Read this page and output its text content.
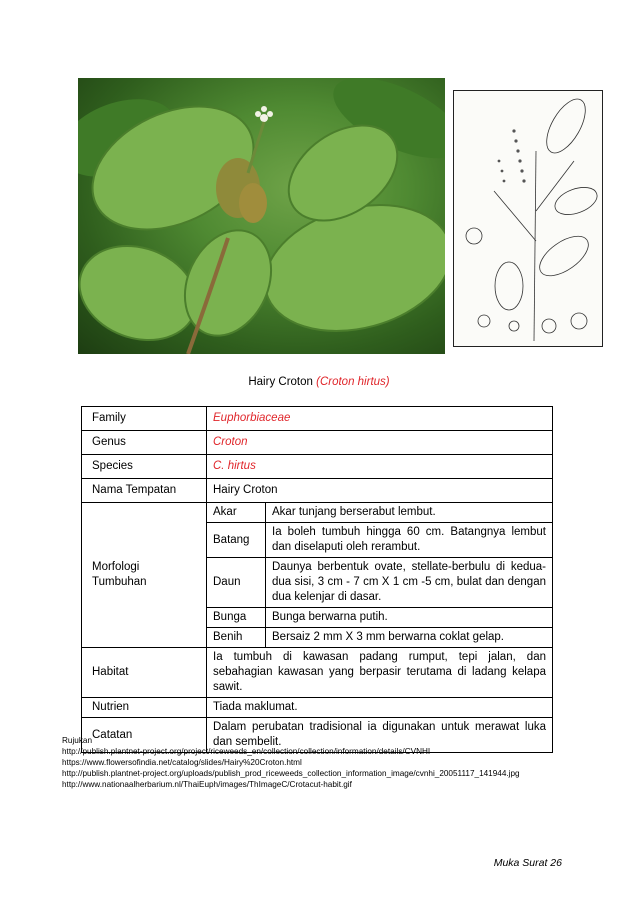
Hairy Croton (Croton hirtus)
Family	Euphorbiaceae	
Genus	Croton	
Species	C. hirtus	
Nama Tempatan	Hairy Croton	

Morfologi
Tumbuhan	Akar	Akar tunjang berserabut lembut.
	Batang	Ia boleh tumbuh hingga 60 cm. Batangnya lembut dan diselaputi oleh rerambut.
	Daun	Daunya berbentuk ovate, stellate-berbulu di kedua-dua sisi, 3 cm - 7 cm X 1 cm -5 cm, bulat dan dengan dua kelenjar di dasar.
	Bunga	Bunga berwarna putih.
	Benih	Bersaiz 2 mm X 3 mm berwarna coklat gelap.
Habitat	Ia tumbuh di kawasan padang rumput, tepi jalan, dan sebahagian kawasan yang berpasir terutama di ladang kelapa sawit.	
Nutrien	Tiada maklumat.	
Catatan	Dalam perubatan tradisional ia digunakan untuk merawat luka dan sembelit.	
Rujukan
http://publish.plantnet-project.org/project/riceweeds_en/collection/collection/information/details/CVNHI
https://www.flowersofindia.net/catalog/slides/Hairy%20Croton.html
http://publish.plantnet-project.org/uploads/publish_prod_riceweeds_collection_information_image/cvnhi_20051117_141944.jpg
http://www.nationaalherbarium.nl/ThaiEuph/images/ThImageC/Crotacut-habit.gif
Muka Surat 26
